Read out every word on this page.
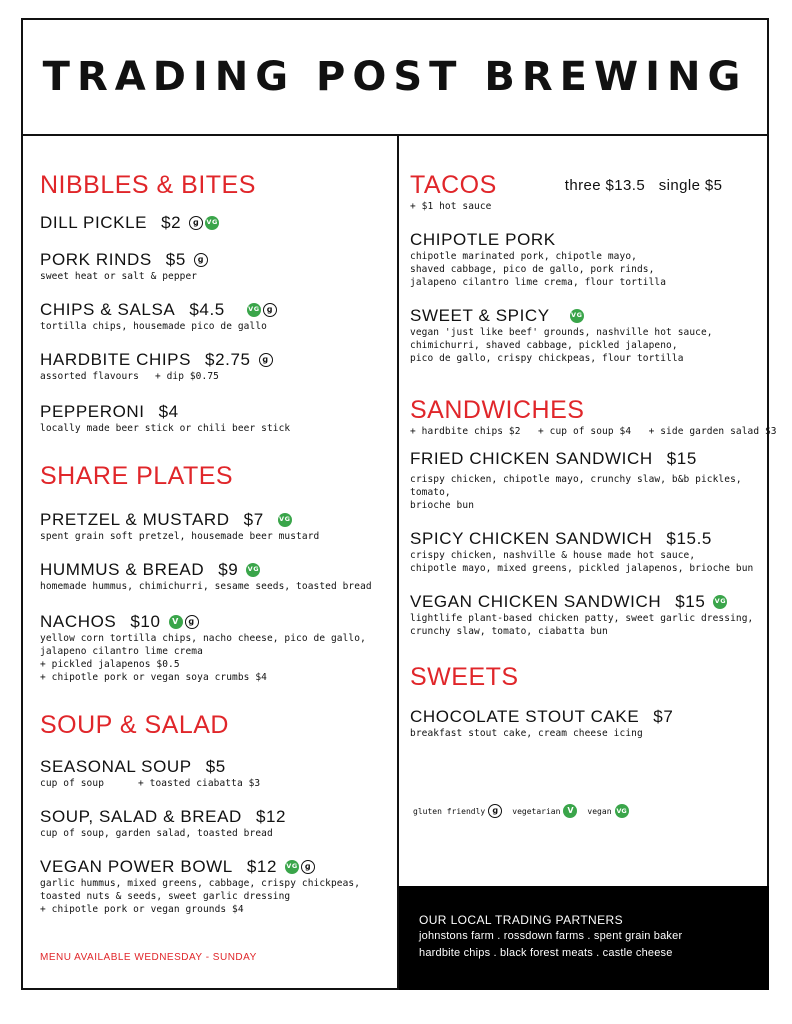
TRADING POST BREWING
NIBBLES & BITES
DILL PICKLE $2	ɡ	VG
PORK RINDS $5	ɡ
sweet heat or salt & pepper
CHIPS & SALSA $4.5	VG ɡ
tortilla chips, housemade pico de gallo
HARDBITE CHIPS $2.75	ɡ
assorted flavours + dip $0.75
PEPPERONI $4
locally made beer stick or chili beer stick
SHARE PLATES
PRETZEL & MUSTARD $7 VG
spent grain soft pretzel, housemade beer mustard
HUMMUS & BREAD $9 VG
homemade hummus, chimichurri, sesame seeds, toasted bread
NACHOS $10	V	ɡ
yellow corn tortilla chips, nacho cheese, pico de gallo,
jalapeno cilantro lime crema
+ pickled jalapenos $0.5
+ chipotle pork or vegan soya crumbs $4
SOUP & SALAD
SEASONAL SOUP $5
cup of soup	+ toasted ciabatta $3
SOUP, SALAD & BREAD $12
cup of soup, garden salad, toasted bread
VEGAN POWER BOWL $12 VG ɡ
garlic hummus, mixed greens, cabbage, crispy chickpeas,
toasted nuts & seeds, sweet garlic dressing
+ chipotle pork or vegan grounds $4
MENU AVAILABLE WEDNESDAY - SUNDAY
TACOS	three $13.5   single $5
+ $1 hot sauce
CHIPOTLE PORK
chipotle marinated pork, chipotle mayo,
shaved cabbage, pico de gallo, pork rinds,
jalapeno cilantro lime crema, flour tortilla
SWEET & SPICY	VG
vegan 'just like beef' grounds, nashville hot sauce,
chimichurri, shaved cabbage, pickled jalapeno,
pico de gallo, crispy chickpeas, flour tortilla
SANDWICHES
+ hardbite chips $2   + cup of soup $4   + side garden salad $3
FRIED CHICKEN SANDWICH $15
crispy chicken, chipotle mayo, crunchy slaw, b&b pickles, tomato,
brioche bun
SPICY CHICKEN SANDWICH $15.5
crispy chicken, nashville & house made hot sauce,
chipotle mayo, mixed greens, pickled jalapenos, brioche bun
VEGAN CHICKEN SANDWICH $15 VG
lightlife plant-based chicken patty, sweet garlic dressing,
crunchy slaw, tomato, ciabatta bun
SWEETS
CHOCOLATE STOUT CAKE $7
breakfast stout cake, cream cheese icing
gluten friendly ɡ	vegetarian V	vegan VG
OUR LOCAL TRADING PARTNERS
johnstons farm . rossdown farms . spent grain baker
hardbite chips . black forest meats . castle cheese
